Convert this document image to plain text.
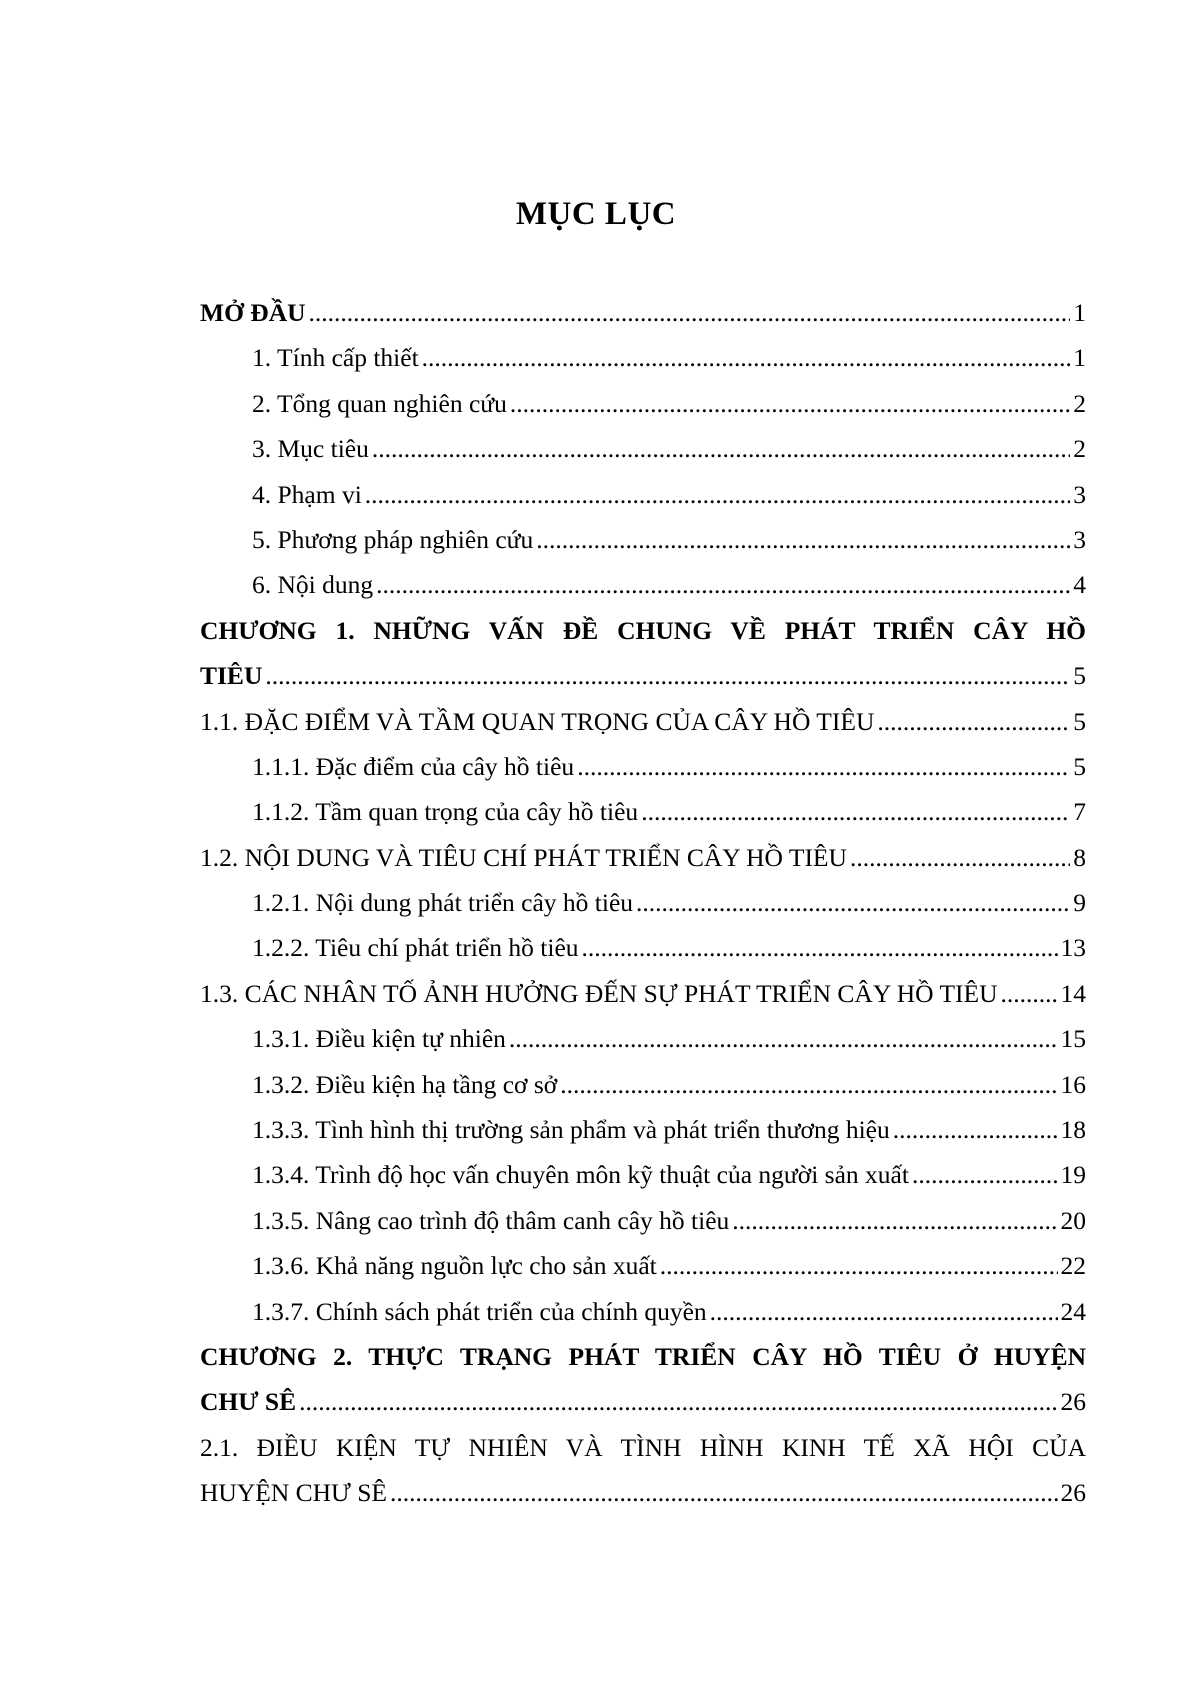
MỤC LỤC
MỞ ĐẦU .....	1
1. Tính cấp thiết .....	1
2. Tổng quan nghiên cứu .....	2
3. Mục tiêu .....	2
4. Phạm vi .....	3
5. Phương pháp nghiên cứu .....	3
6. Nội dung .....	4
CHƯƠNG 1. NHỮNG VẤN ĐỀ CHUNG VỀ PHÁT TRIỂN CÂY HỒ
TIÊU .....	5
1.1. ĐẶC ĐIỂM VÀ TẦM QUAN TRỌNG CỦA CÂY HỒ TIÊU .....	5
1.1.1. Đặc điểm của cây hồ tiêu .....	5
1.1.2. Tầm quan trọng của cây hồ tiêu .....	7
1.2. NỘI DUNG VÀ TIÊU CHÍ PHÁT TRIỂN CÂY HỒ TIÊU .....	8
1.2.1. Nội dung phát triển cây hồ tiêu .....	9
1.2.2. Tiêu chí phát triển hồ tiêu .....	13
1.3. CÁC NHÂN TỐ ẢNH HƯỞNG ĐẾN SỰ PHÁT TRIỂN CÂY HỒ TIÊU ..... 14
1.3.1. Điều kiện tự nhiên .....	15
1.3.2. Điều kiện hạ tầng cơ sở .....	16
1.3.3. Tình hình thị trường sản phẩm và phát triển thương hiệu .....	18
1.3.4. Trình độ học vấn chuyên môn kỹ thuật của người sản xuất .....	19
1.3.5. Nâng cao trình độ thâm canh cây hồ tiêu .....	20
1.3.6. Khả năng nguồn lực cho sản xuất .....	22
1.3.7. Chính sách phát triển của chính quyền .....	24
CHƯƠNG 2. THỰC TRẠNG PHÁT TRIỂN CÂY HỒ TIÊU Ở HUYỆN
CHƯ SÊ .....	26
2.1. ĐIỀU KIỆN TỰ NHIÊN VÀ TÌNH HÌNH KINH TẾ XÃ HỘI CỦA
HUYỆN CHƯ SÊ .....	26
